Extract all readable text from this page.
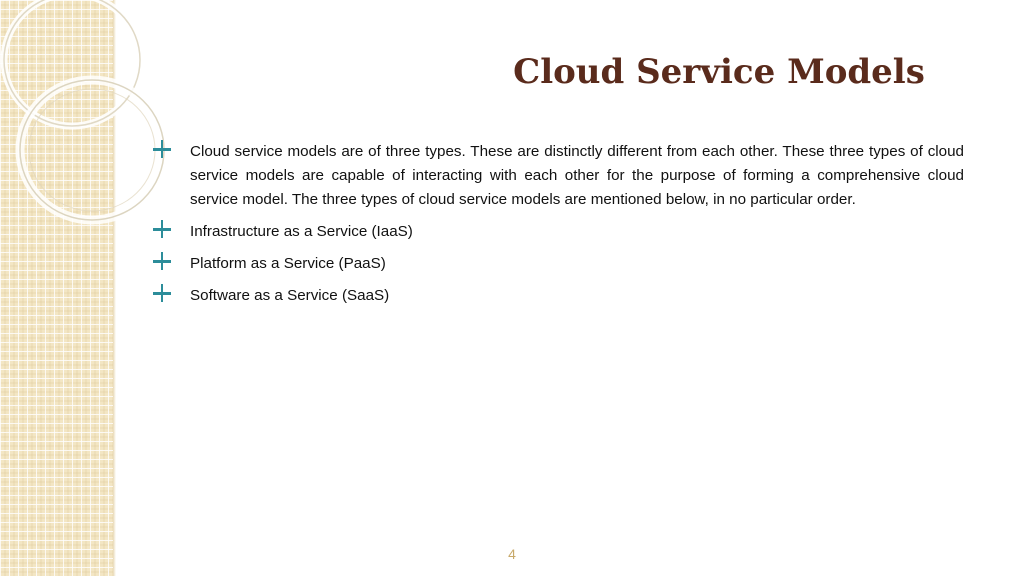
Cloud Service Models
Cloud service models are of three types. These are distinctly different from each other. These three types of cloud service models are capable of interacting with each other for the purpose of forming a comprehensive cloud service model. The three types of cloud service models are mentioned below, in no particular order.
Infrastructure as a Service (IaaS)
Platform as a Service (PaaS)
Software as a Service (SaaS)
4
